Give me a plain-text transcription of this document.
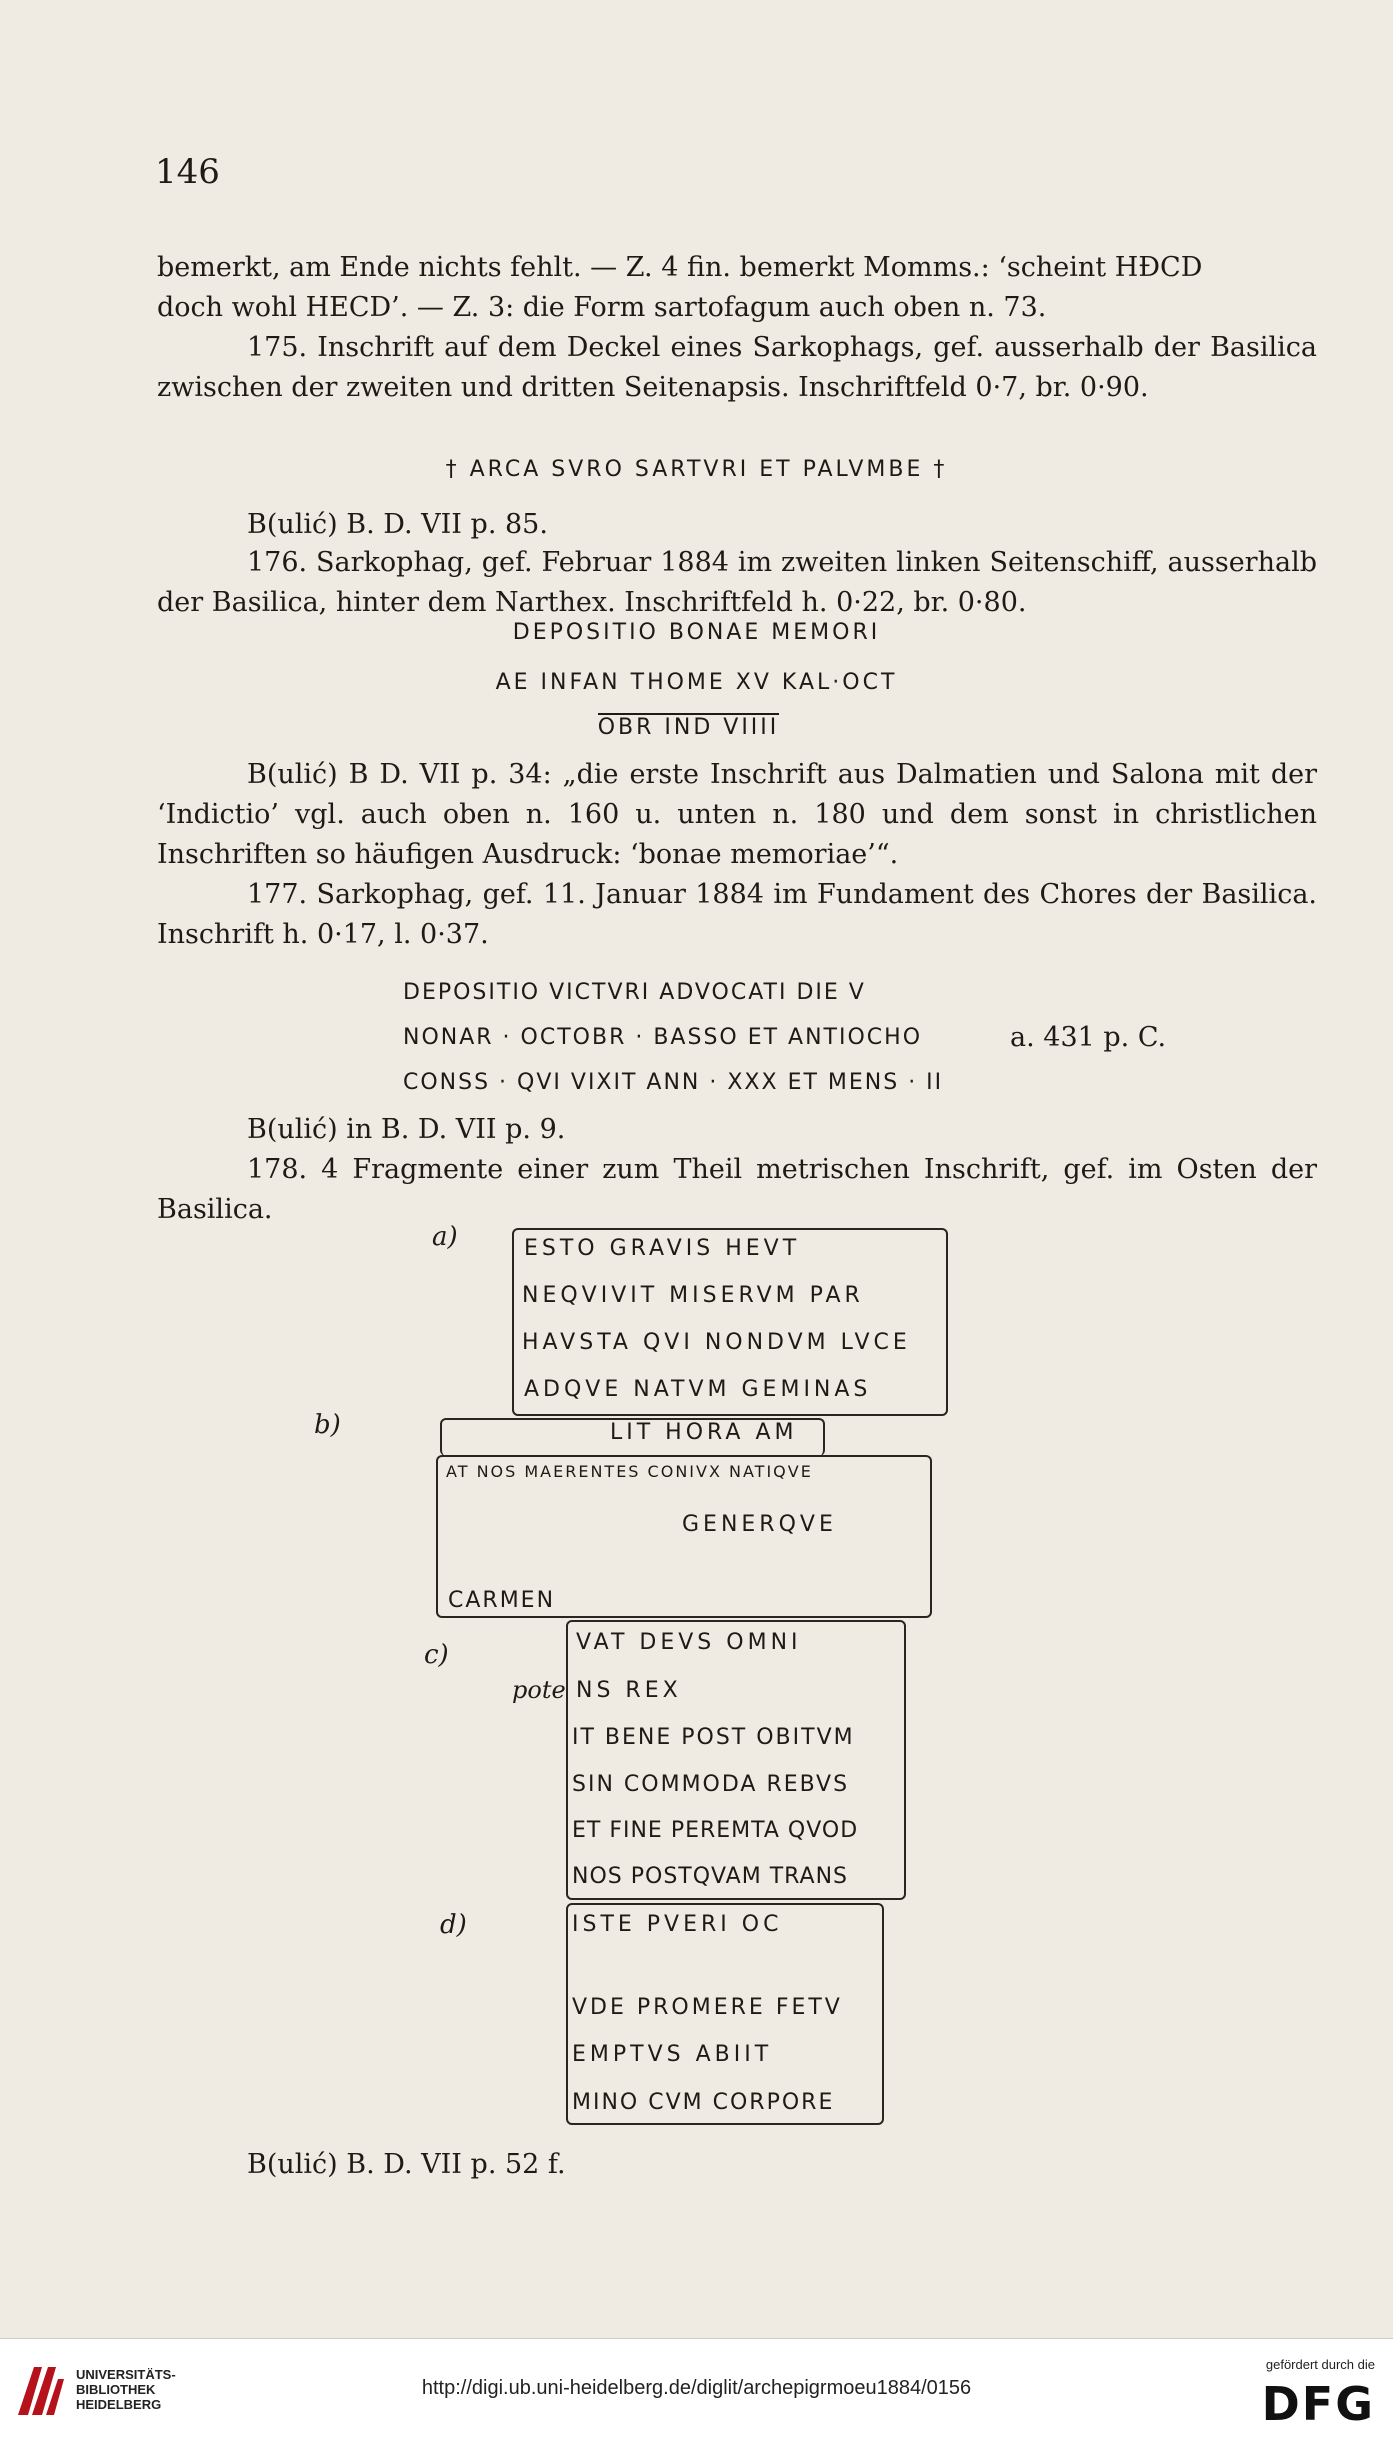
146
bemerkt, am Ende nichts fehlt. — Z. 4 fin. bemerkt Momms.: ‘scheint HÐCD
doch wohl HECD’. — Z. 3: die Form sartofagum auch oben n. 73.
175. Inschrift auf dem Deckel eines Sarkophags, gef. ausserhalb der Basilica zwischen der zweiten und dritten Seitenapsis. Inschriftfeld 0·7, br. 0·90.
† ARCA SVRO SARTVRI ET PALVMBE †
B(ulić) B. D. VII p. 85.
176. Sarkophag, gef. Februar 1884 im zweiten linken Seitenschiff, ausserhalb der Basilica, hinter dem Narthex. Inschriftfeld h. 0·22, br. 0·80.
DEPOSITIO BONAE MEMORI
AE INFAN THOME XV KAL·OCT
OBR IND VIIII
B(ulić) B D. VII p. 34: „die erste Inschrift aus Dalmatien und Salona mit der ‘Indictio’ vgl. auch oben n. 160 u. unten n. 180 und dem sonst in christlichen Inschriften so häufigen Ausdruck: ‘bonae memoriae’“.
177. Sarkophag, gef. 11. Januar 1884 im Fundament des Chores der Basilica. Inschrift h. 0·17, l. 0·37.
DEPOSITIO VICTVRI ADVOCATI DIE V
NONAR · OCTOBR · BASSO ET ANTIOCHO
CONSS · QVI VIXIT ANN · XXX ET MENS · II
a. 431 p. C.
B(ulić) in B. D. VII p. 9.
178. 4 Fragmente einer zum Theil metrischen Inschrift, gef. im Osten der Basilica.
a)	ESTO GRAVIS HEVT
NEQVIVIT MISERVM PAR
HAVSTA QVI NONDVM LVCE
ADQVE NATVM GEMINAS
b)	LIT HORA AM
AT NOS MAERENTES CONIVX NATIQVE
GENERQVE
CARMEN
c)
pote
VAT DEVS OMNI
NS REX
IT BENE POST OBITVM
SIN COMMODA REBVS
ET FINE PEREMTA QVOD
NOS POSTQVAM TRANS
d)	ISTE PVERI OC
VDE PROMERE FETV
EMPTVS ABIIT
MINO CVM CORPORE
B(ulić) B. D. VII p. 52 f.
UNIVERSITÄTS-
BIBLIOTHEK
HEIDELBERG
http://digi.ub.uni-heidelberg.de/diglit/archepigrmoeu1884/0156
gefördert durch die
DFG
